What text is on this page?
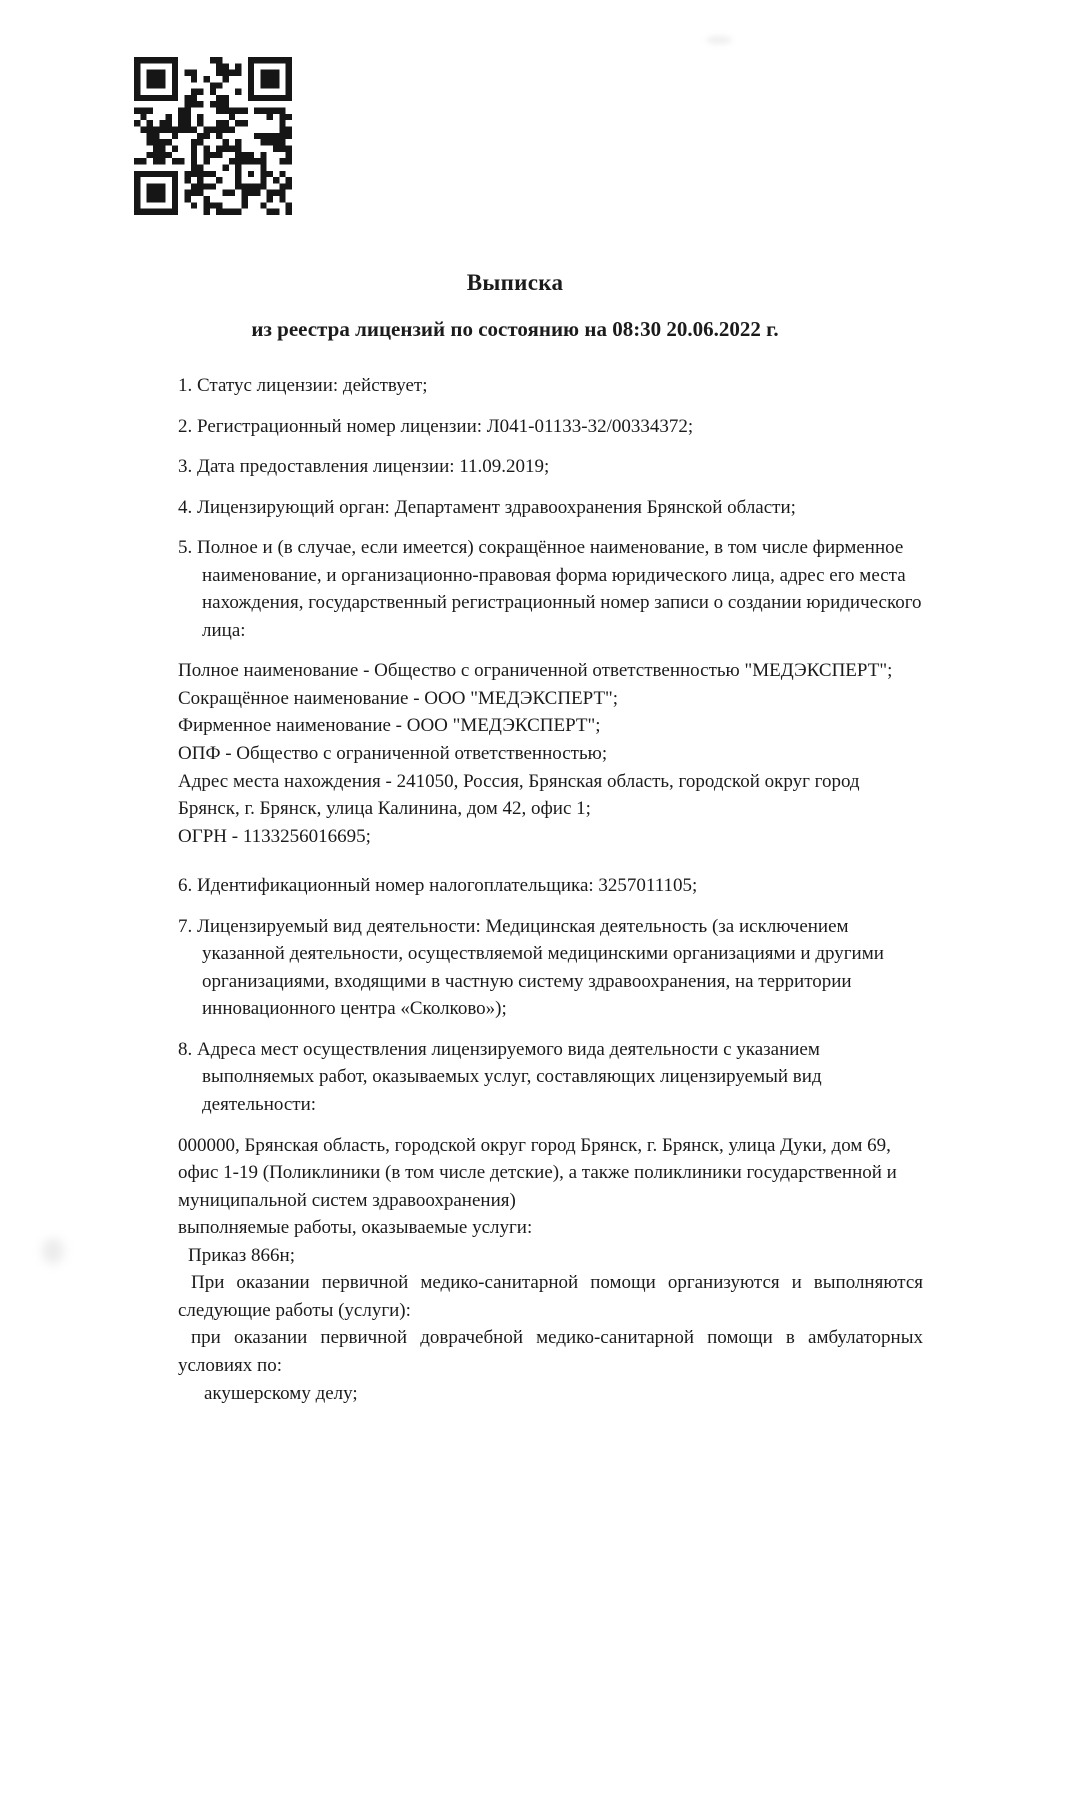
Выписка
из реестра лицензий по состоянию на 08:30 20.06.2022 г.

1. Статус лицензии: действует;

2. Регистрационный номер лицензии: Л041-01133-32/00334372;

3. Дата предоставления лицензии: 11.09.2019;

4. Лицензирующий орган: Департамент здравоохранения Брянской области;

5. Полное и (в случае, если имеется) сокращённое наименование, в том числе фирменное наименование, и организационно-правовая форма юридического лица, адрес его места нахождения, государственный регистрационный номер записи о создании юридического лица:

Полное наименование - Общество с ограниченной ответственностью "МЕДЭКСПЕРТ";

Сокращённое наименование - ООО "МЕДЭКСПЕРТ";

Фирменное наименование - ООО "МЕДЭКСПЕРТ";

ОПФ - Общество с ограниченной ответственностью;

Адрес места нахождения - 241050, Россия, Брянская область, городской округ город Брянск, г. Брянск, улица Калинина, дом 42, офис 1;

ОГРН - 1133256016695;

6. Идентификационный номер налогоплательщика: 3257011105;

7. Лицензируемый вид деятельности: Медицинская деятельность (за исключением указанной деятельности, осуществляемой медицинскими организациями и другими организациями, входящими в частную систему здравоохранения, на территории инновационного центра «Сколково»);

8. Адреса мест осуществления лицензируемого вида деятельности с указанием выполняемых работ, оказываемых услуг, составляющих лицензируемый вид деятельности:

000000, Брянская область, городской округ город Брянск, г. Брянск, улица Дуки, дом 69, офис 1-19 (Поликлиники (в том числе детские), а также поликлиники государственной и муниципальной систем здравоохранения)

выполняемые работы, оказываемые услуги:

Приказ 866н;

При оказании первичной медико-санитарной помощи организуются и выполняются следующие работы (услуги):

при оказании первичной доврачебной медико-санитарной помощи в амбулаторных условиях по:

акушерскому делу;
